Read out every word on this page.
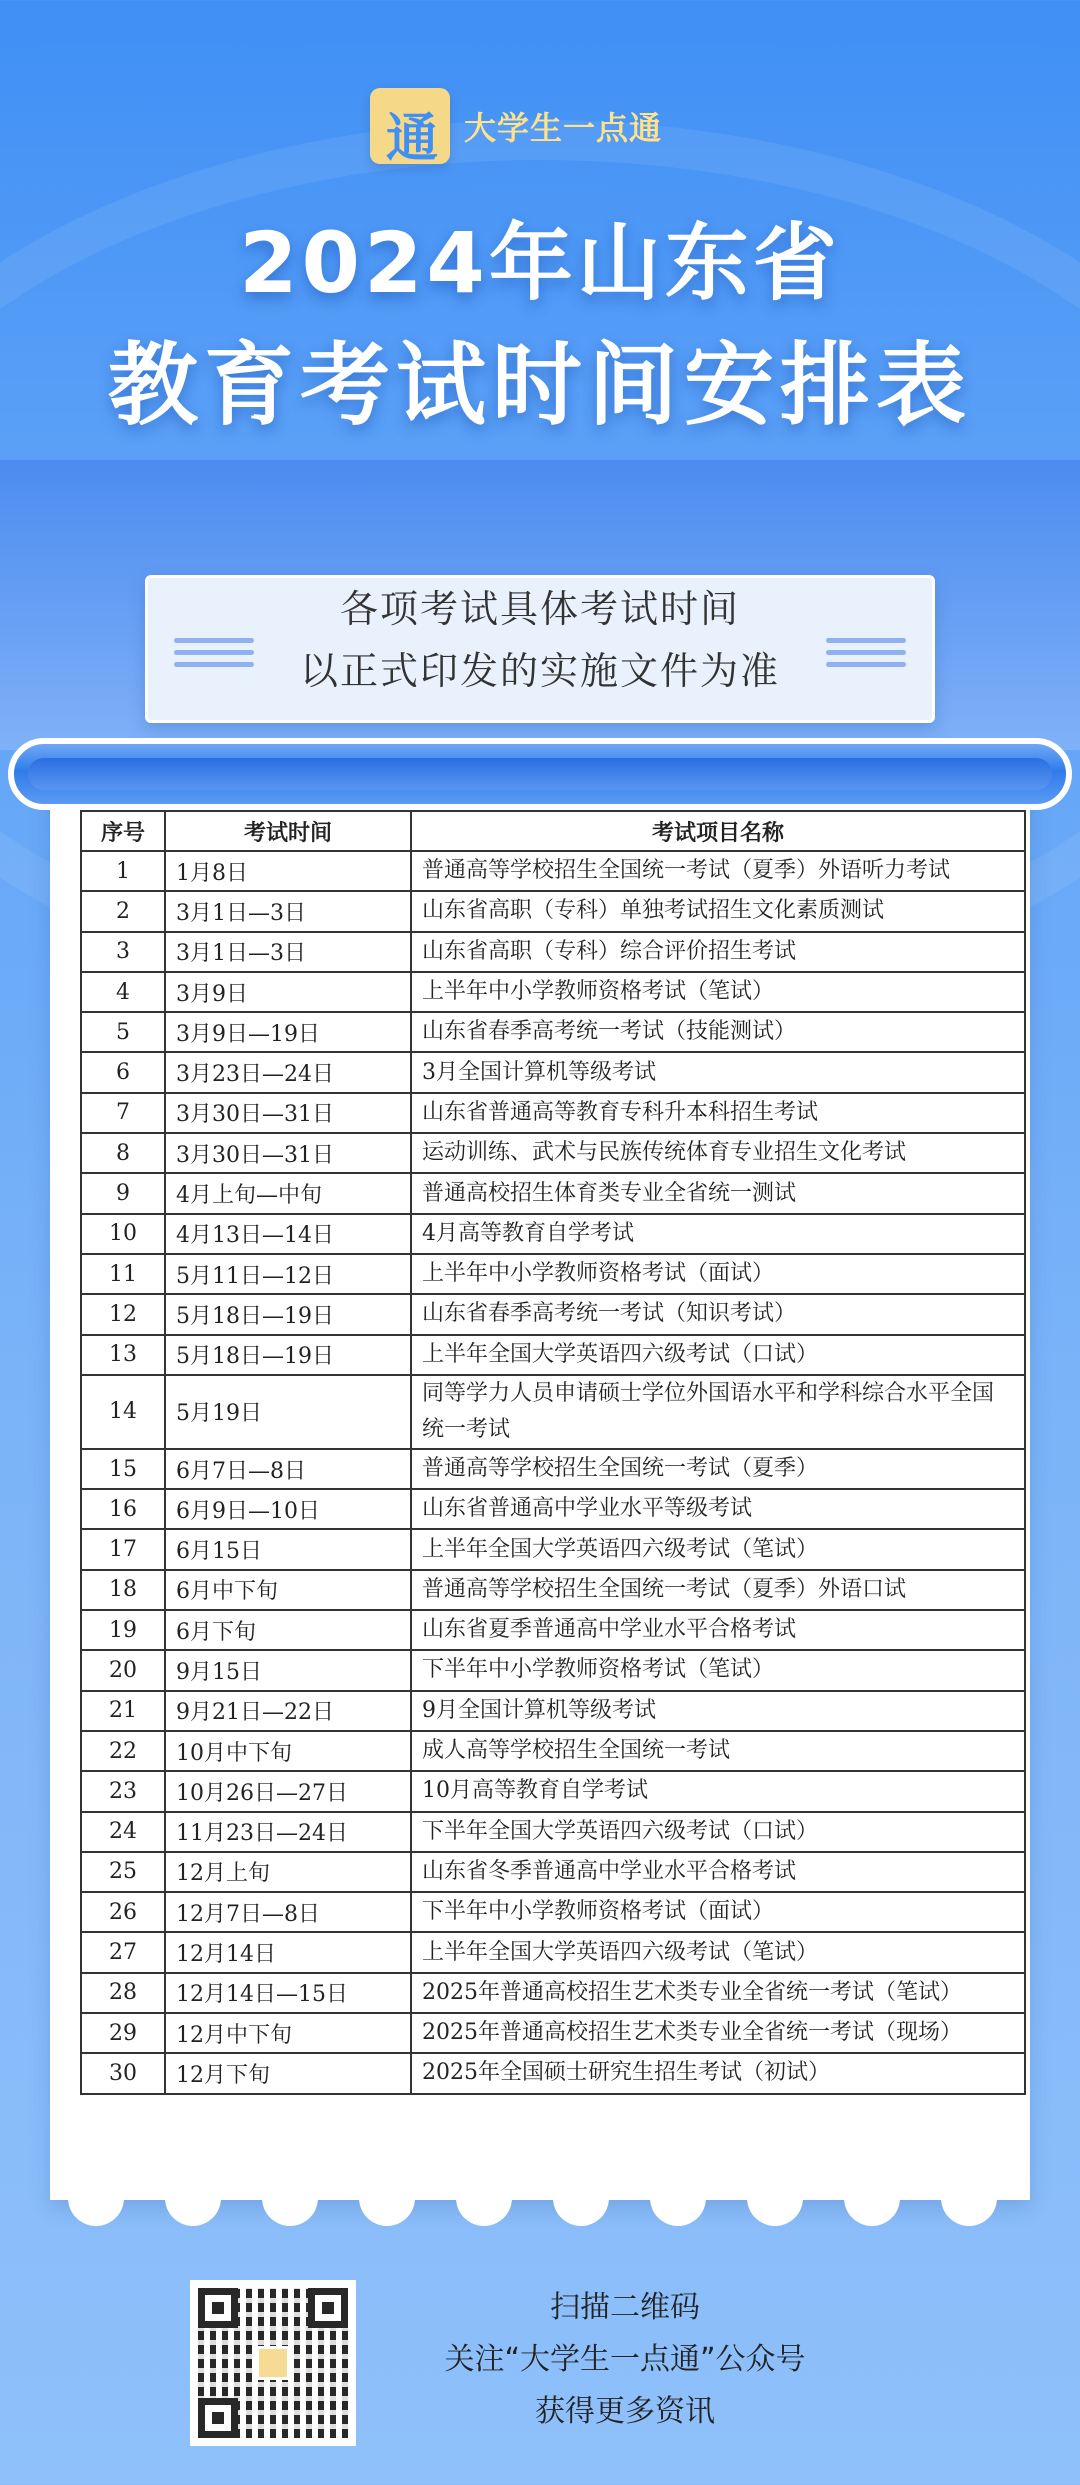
通 大学生一点通
2024年山东省
教育考试时间安排表
各项考试具体考试时间
以正式印发的实施文件为准
序号	考试时间	考试项目名称
1	1月8日	普通高等学校招生全国统一考试（夏季）外语听力考试
2	3月1日—3日	山东省高职（专科）单独考试招生文化素质测试
3	3月1日—3日	山东省高职（专科）综合评价招生考试
4	3月9日	上半年中小学教师资格考试（笔试）
5	3月9日—19日	山东省春季高考统一考试（技能测试）
6	3月23日—24日	3月全国计算机等级考试
7	3月30日—31日	山东省普通高等教育专科升本科招生考试
8	3月30日—31日	运动训练、武术与民族传统体育专业招生文化考试
9	4月上旬—中旬	普通高校招生体育类专业全省统一测试
10	4月13日—14日	4月高等教育自学考试
11	5月11日—12日	上半年中小学教师资格考试（面试）
12	5月18日—19日	山东省春季高考统一考试（知识考试）
13	5月18日—19日	上半年全国大学英语四六级考试（口试）
14	5月19日	同等学力人员申请硕士学位外国语水平和学科综合水平全国统一考试
15	6月7日—8日	普通高等学校招生全国统一考试（夏季）
16	6月9日—10日	山东省普通高中学业水平等级考试
17	6月15日	上半年全国大学英语四六级考试（笔试）
18	6月中下旬	普通高等学校招生全国统一考试（夏季）外语口试
19	6月下旬	山东省夏季普通高中学业水平合格考试
20	9月15日	下半年中小学教师资格考试（笔试）
21	9月21日—22日	9月全国计算机等级考试
22	10月中下旬	成人高等学校招生全国统一考试
23	10月26日—27日	10月高等教育自学考试
24	11月23日—24日	下半年全国大学英语四六级考试（口试）
25	12月上旬	山东省冬季普通高中学业水平合格考试
26	12月7日—8日	下半年中小学教师资格考试（面试）
27	12月14日	上半年全国大学英语四六级考试（笔试）
28	12月14日—15日	2025年普通高校招生艺术类专业全省统一考试（笔试）
29	12月中下旬	2025年普通高校招生艺术类专业全省统一考试（现场）
30	12月下旬	2025年全国硕士研究生招生考试（初试）
扫描二维码
关注“大学生一点通”公众号
获得更多资讯
